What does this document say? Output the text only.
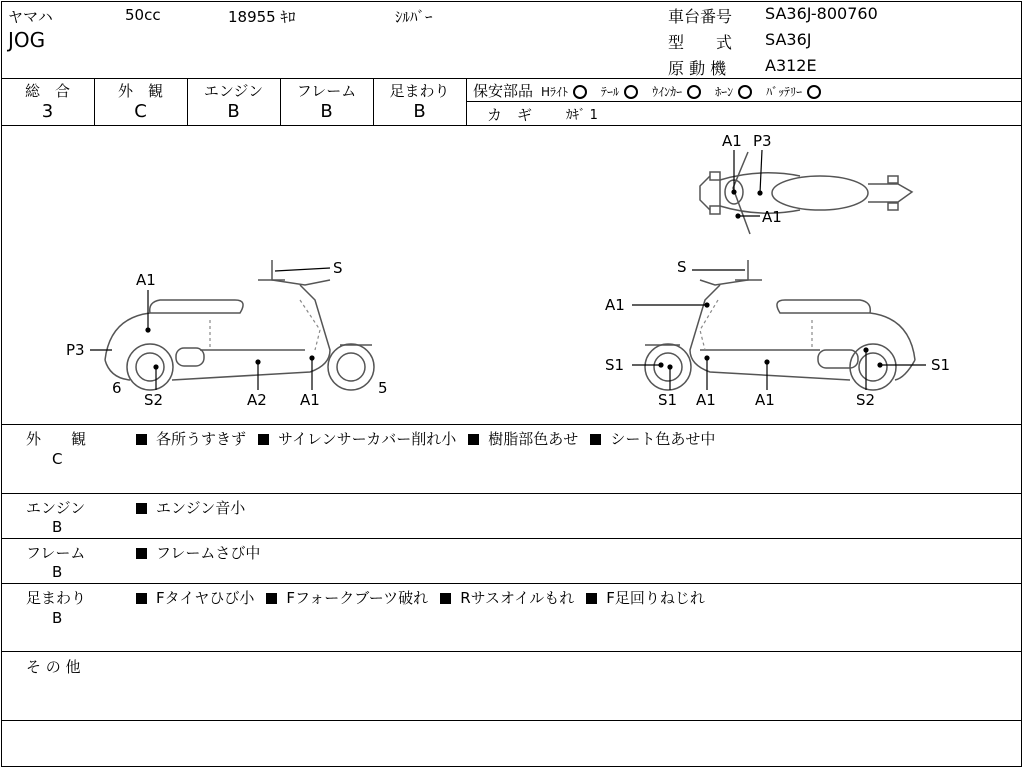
ヤマハ	50cc	18955 ｷﾛ	ｼﾙﾊﾞｰ
JOG
車台番号 SA36J-800760
型　　式 SA36J
原 動 機 A312E
総　合
3
外　観
C
エンジン
B
フレーム
B
足まわり
B
保安部品 Hﾗｲﾄ	ﾃｰﾙ	ｳｲﾝｶｰ	ﾎｰﾝ	ﾊﾞｯﾃﾘｰ
カ　ギ	ｶｷﾞ 1
A1 P3
A1
A1
S
P3
6
S2	A2 A1
5
S
A1
S1	S1
S1 A1	A1	S2
外　　観
C
各所うすきず サイレンサーカバー削れ小 樹脂部色あせ シート色あせ中
エンジン
B
エンジン音小
フレーム
B
フレームさび中
足まわり
B
Fタイヤひび小 Fフォークブーツ破れ Rサスオイルもれ F足回りねじれ
そ の 他
